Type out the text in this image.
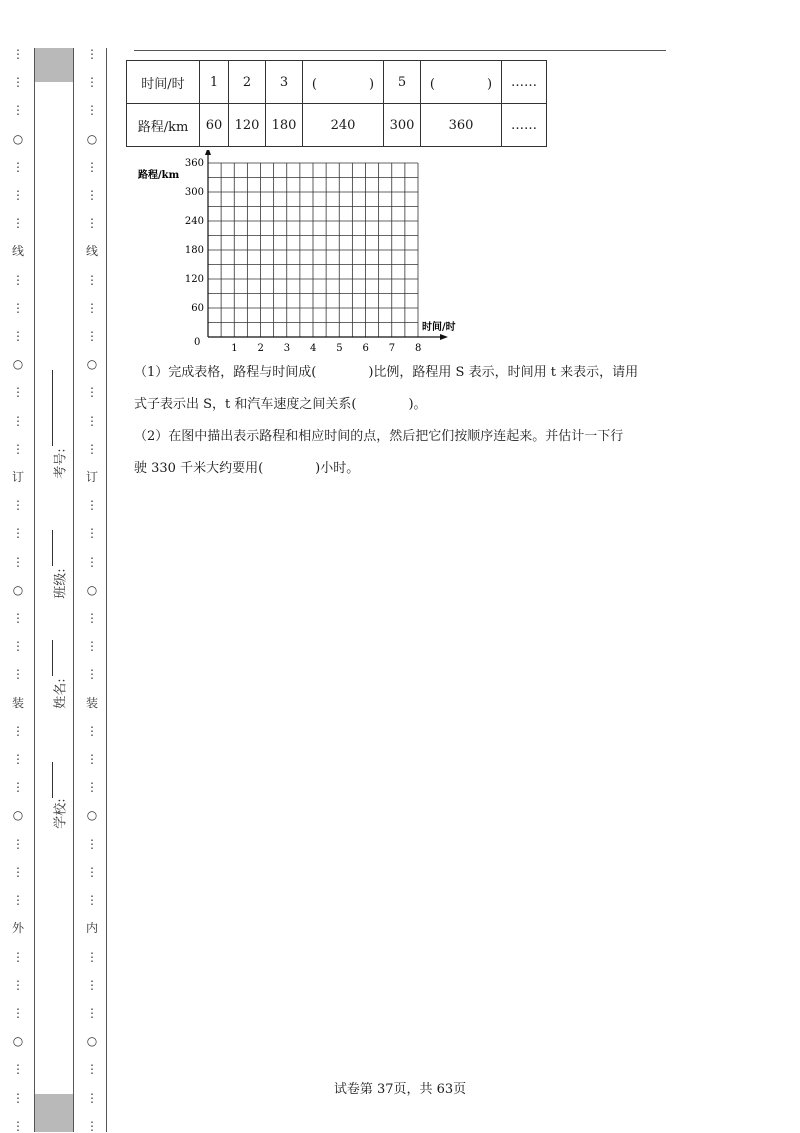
⋮
⋮
⋮
○
⋮
⋮
⋮
线
⋮
⋮
⋮
○
⋮
⋮
⋮
订
⋮
⋮
⋮
○
⋮
⋮
⋮
装
⋮
⋮
⋮
○
⋮
⋮
⋮
外
⋮
⋮
⋮
○
⋮
⋮
⋮
⋮
⋮
⋮
○
⋮
⋮
⋮
线
⋮
⋮
⋮
○
⋮
⋮
⋮
订
⋮
⋮
⋮
○
⋮
⋮
⋮
装
⋮
⋮
⋮
○
⋮
⋮
⋮
内
⋮
⋮
⋮
○
⋮
⋮
⋮
学校:
姓名:
班级:
考号:
时间/时	1	2	3	(　　　　)	5	(　　　　)	……
路程/km	60	120	180	240	300	360	……
路程/km
时间/时
0
1 2 3 4 5 6 7 8
60
120
180
240
300
360
（1）完成表格，路程与时间成(　　　　)比例，路程用 S 表示，时间用 t 来表示，请用
式子表示出 S，t 和汽车速度之间关系(　　　　)。
（2）在图中描出表示路程和相应时间的点，然后把它们按顺序连起来。并估计一下行
驶 330 千米大约要用(　　　　)小时。
试卷第 37页，共 63页
